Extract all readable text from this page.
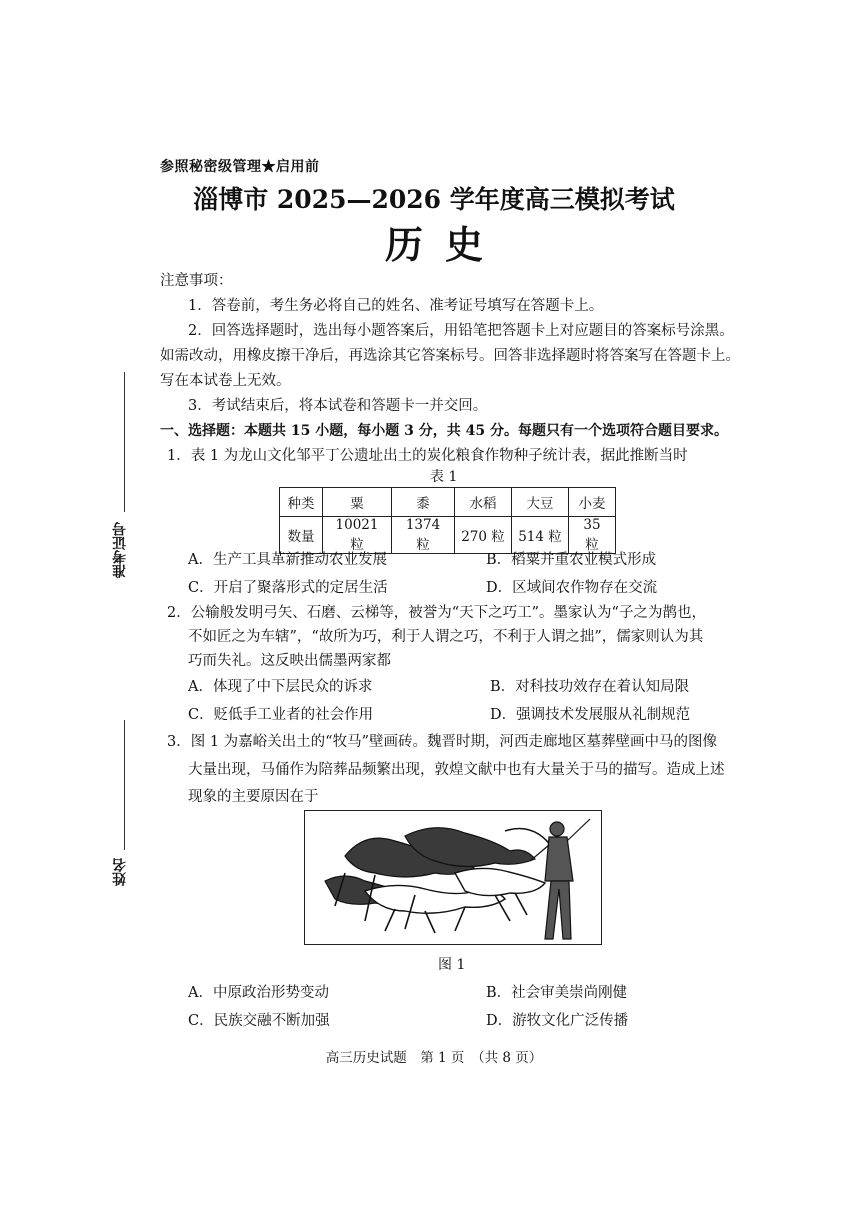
参照秘密级管理★启用前
淄博市 2025—2026 学年度高三模拟考试
历史
准考证号
姓名
注意事项：
1．答卷前，考生务必将自己的姓名、准考证号填写在答题卡上。
2．回答选择题时，选出每小题答案后，用铅笔把答题卡上对应题目的答案标号涂黑。
如需改动，用橡皮擦干净后，再选涂其它答案标号。回答非选择题时将答案写在答题卡上。
写在本试卷上无效。
3．考试结束后，将本试卷和答题卡一并交回。
一、选择题：本题共 15 小题，每小题 3 分，共 45 分。每题只有一个选项符合题目要求。
1．表 1 为龙山文化邹平丁公遗址出土的炭化粮食作物种子统计表，据此推断当时
表 1
种类	粟	黍	水稻	大豆	小麦
数量	10021 粒	1374 粒	270 粒	514 粒	35 粒
A．生产工具革新推动农业发展	B．稻粟并重农业模式形成
C．开启了聚落形式的定居生活	D．区域间农作物存在交流
2．公输般发明弓矢、石磨、云梯等，被誉为“天下之巧工”。墨家认为“子之为鹊也，
不如匠之为车辖”，“故所为巧，利于人谓之巧，不利于人谓之拙”，儒家则认为其
巧而失礼。这反映出儒墨两家都
A．体现了中下层民众的诉求	B．对科技功效存在着认知局限
C．贬低手工业者的社会作用	D．强调技术发展服从礼制规范
3．图 1 为嘉峪关出土的“牧马”壁画砖。魏晋时期，河西走廊地区墓葬壁画中马的图像
大量出现，马俑作为陪葬品频繁出现，敦煌文献中也有大量关于马的描写。造成上述
现象的主要原因在于
图 1
A．中原政治形势变动	B．社会审美崇尚刚健
C．民族交融不断加强	D．游牧文化广泛传播
高三历史试题　第 1 页　（共 8 页）
